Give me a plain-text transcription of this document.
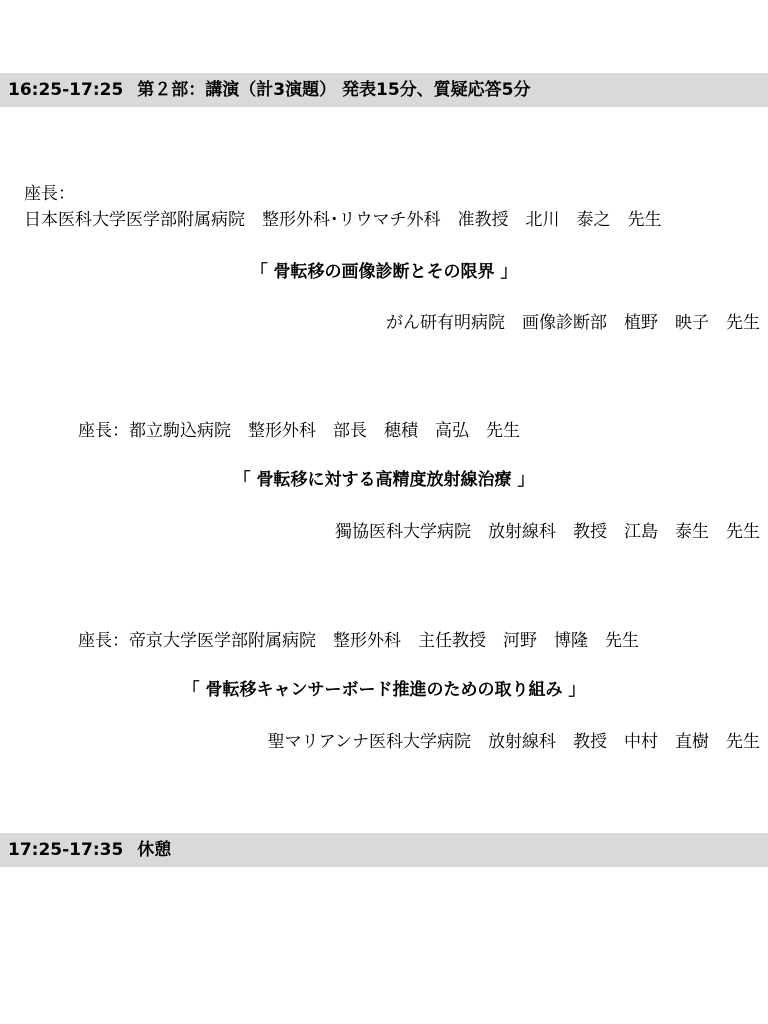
16:25-17:25 第２部：講演（計3演題） 発表15分、質疑応答5分
座長：
日本医科大学医学部附属病院　整形外科･リウマチ外科　准教授　北川　泰之　先生
「 骨転移の画像診断とその限界 」
がん研有明病院　画像診断部　植野　映子　先生
座長：都立駒込病院　整形外科　部長　穂積　高弘　先生
「 骨転移に対する高精度放射線治療 」
獨協医科大学病院　放射線科　教授　江島　泰生　先生
座長：帝京大学医学部附属病院　整形外科　主任教授　河野　博隆　先生
「 骨転移キャンサーボード推進のための取り組み 」
聖マリアンナ医科大学病院　放射線科　教授　中村　直樹　先生
17:25-17:35 休憩
